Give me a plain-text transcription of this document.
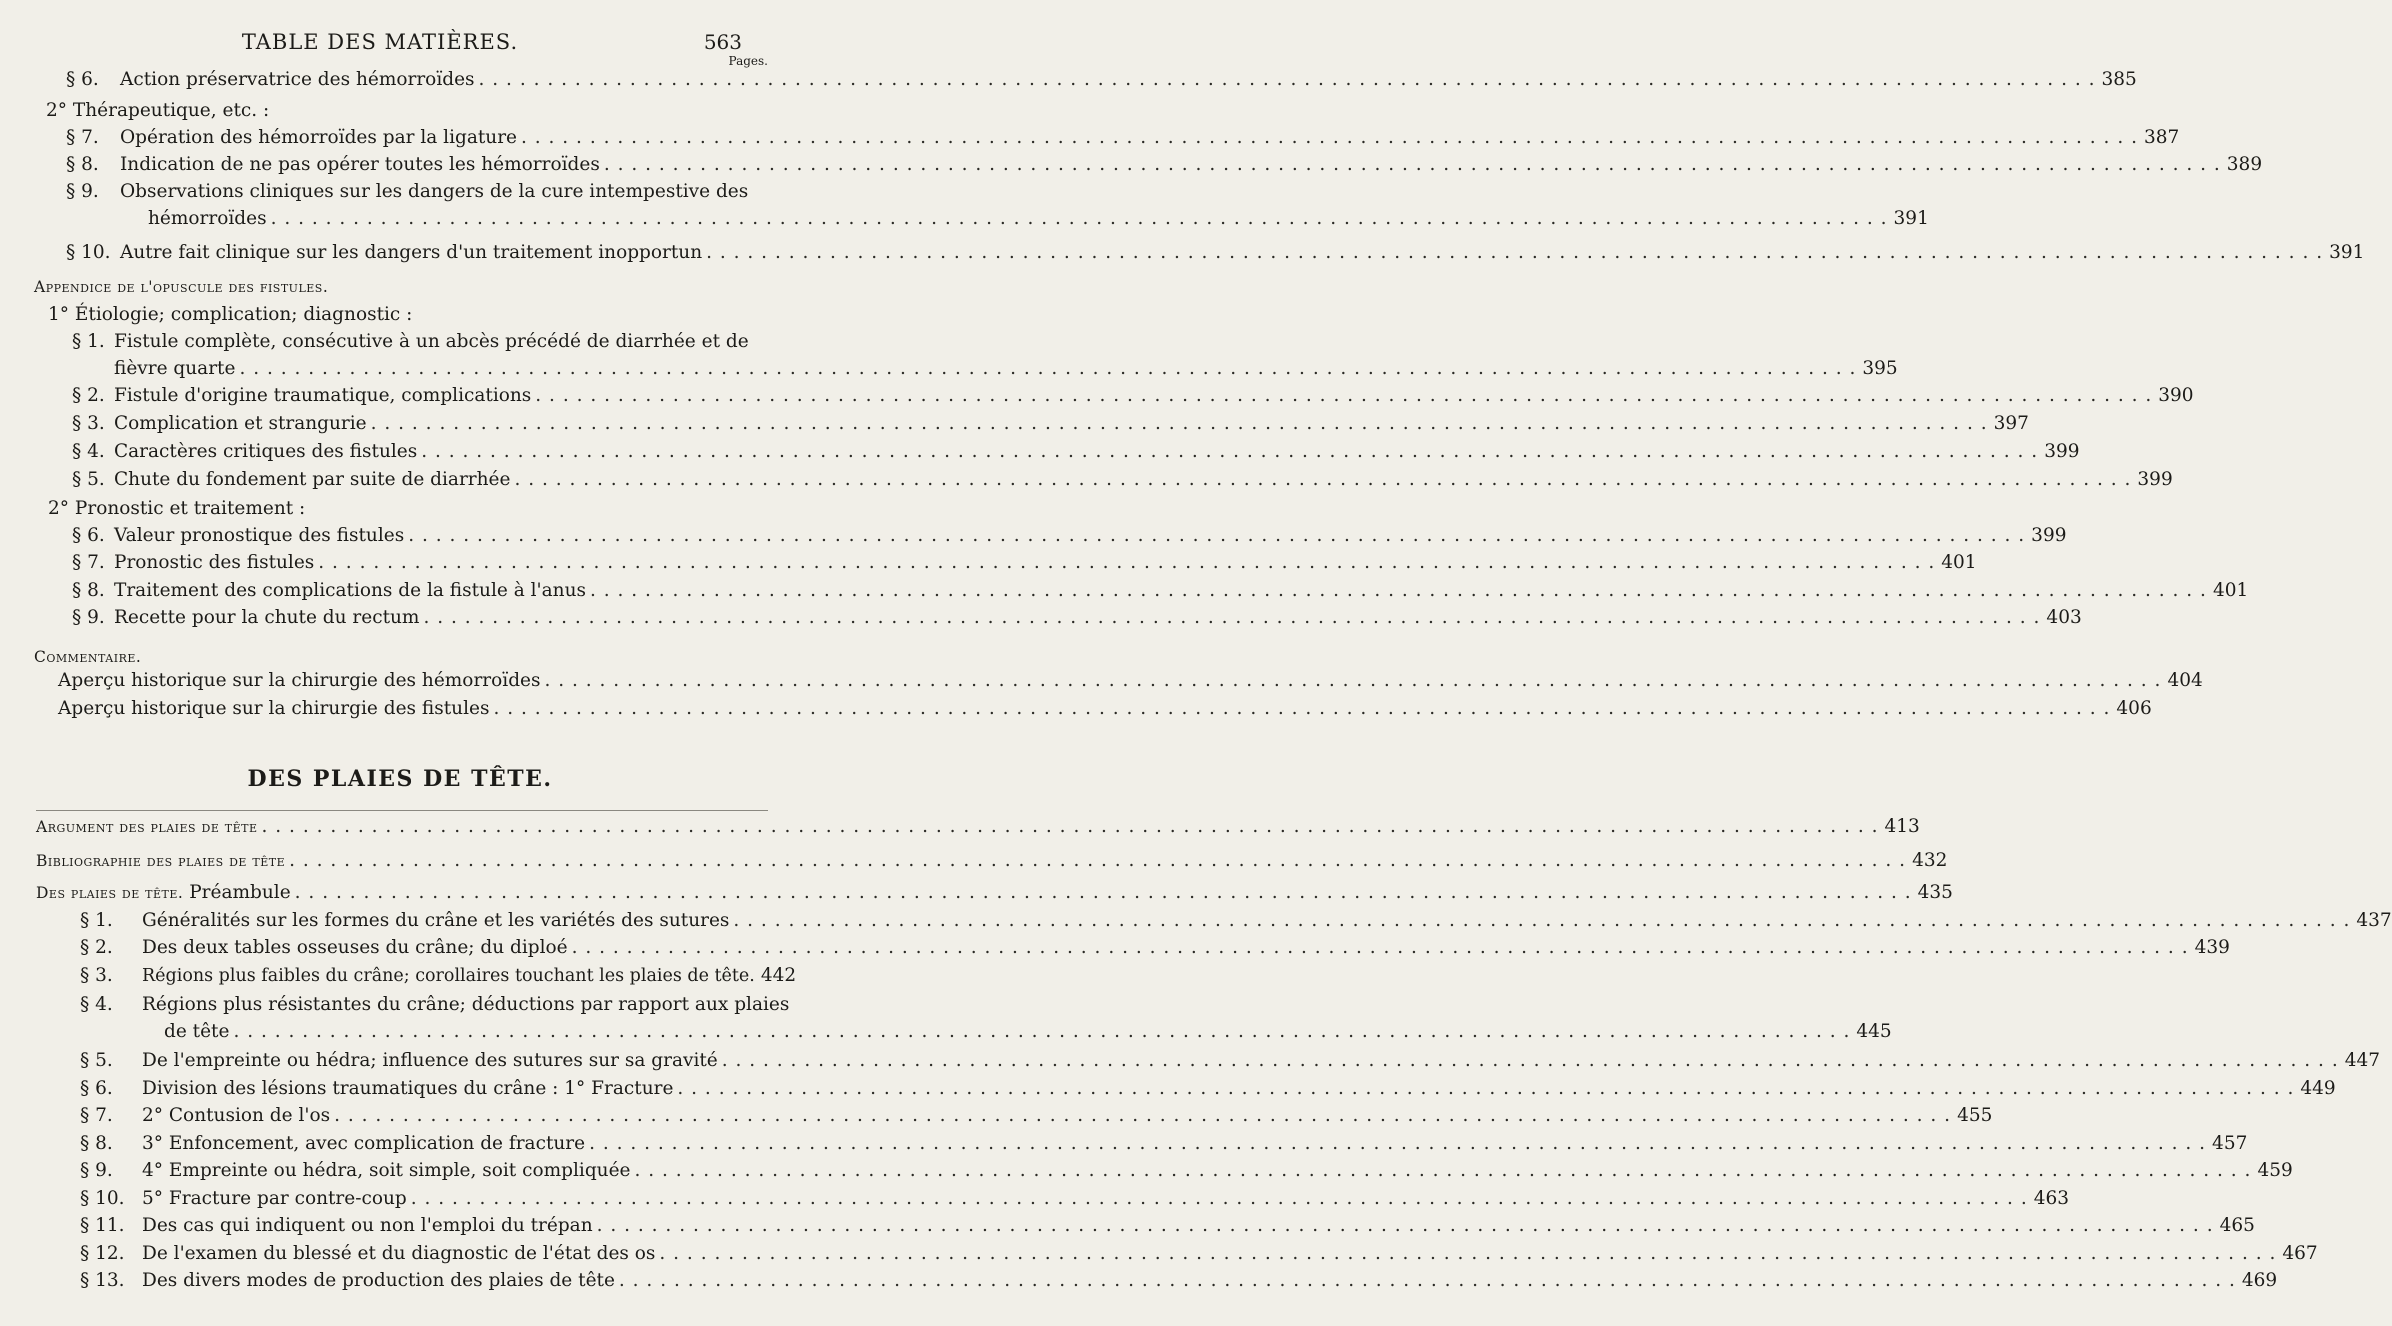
TABLE DES MATIÈRES.	563
Pages.
§ 6.	Action préservatrice des hémorroïdes . . .	385
2° Thérapeutique, etc. :
§ 7.	Opération des hémorroïdes par la ligature . . .	387
§ 8.	Indication de ne pas opérer toutes les hémorroïdes . . .	389
§ 9.	Observations cliniques sur les dangers de la cure intempestive des
hémorroïdes . . .	391
§ 10. Autre fait clinique sur les dangers d'un traitement inopportun . . .	391
Appendice de l'opuscule des fistules.
1° Étiologie; complication; diagnostic :
§ 1. Fistule complète, consécutive à un abcès précédé de diarrhée et de
fièvre quarte . . .	395
§ 2. Fistule d'origine traumatique, complications . . .	390
§ 3. Complication et strangurie . . .	397
§ 4. Caractères critiques des fistules . . .	399
§ 5. Chute du fondement par suite de diarrhée . . .	399
2° Pronostic et traitement :
§ 6. Valeur pronostique des fistules . . .	399
§ 7. Pronostic des fistules . . .	401
§ 8. Traitement des complications de la fistule à l'anus . . .	401
§ 9. Recette pour la chute du rectum . . .	403
Commentaire.
Aperçu historique sur la chirurgie des hémorroïdes . . .	404
Aperçu historique sur la chirurgie des fistules . . .	406
DES PLAIES DE TÊTE.
Argument des plaies de tête . . .	413
Bibliographie des plaies de tête . . .	432
Des plaies de tête. Préambule . . .	435
§ 1.	Généralités sur les formes du crâne et les variétés des sutures . . .	437
§ 2.	Des deux tables osseuses du crâne; du diploé . . .	439
§ 3.	Régions plus faibles du crâne; corollaires touchant les plaies de tête. 442
§ 4.	Régions plus résistantes du crâne; déductions par rapport aux plaies
de tête . . .	445
§ 5.	De l'empreinte ou hédra; influence des sutures sur sa gravité . . .	447
§ 6.	Division des lésions traumatiques du crâne : 1° Fracture . . .	449
§ 7.	2° Contusion de l'os . . .	455
§ 8.	3° Enfoncement, avec complication de fracture . . .	457
§ 9.	4° Empreinte ou hédra, soit simple, soit compliquée . . .	459
§ 10. 5° Fracture par contre-coup . . .	463
§ 11. Des cas qui indiquent ou non l'emploi du trépan . . .	465
§ 12. De l'examen du blessé et du diagnostic de l'état des os . . .	467
§ 13. Des divers modes de production des plaies de tête . . .	469
